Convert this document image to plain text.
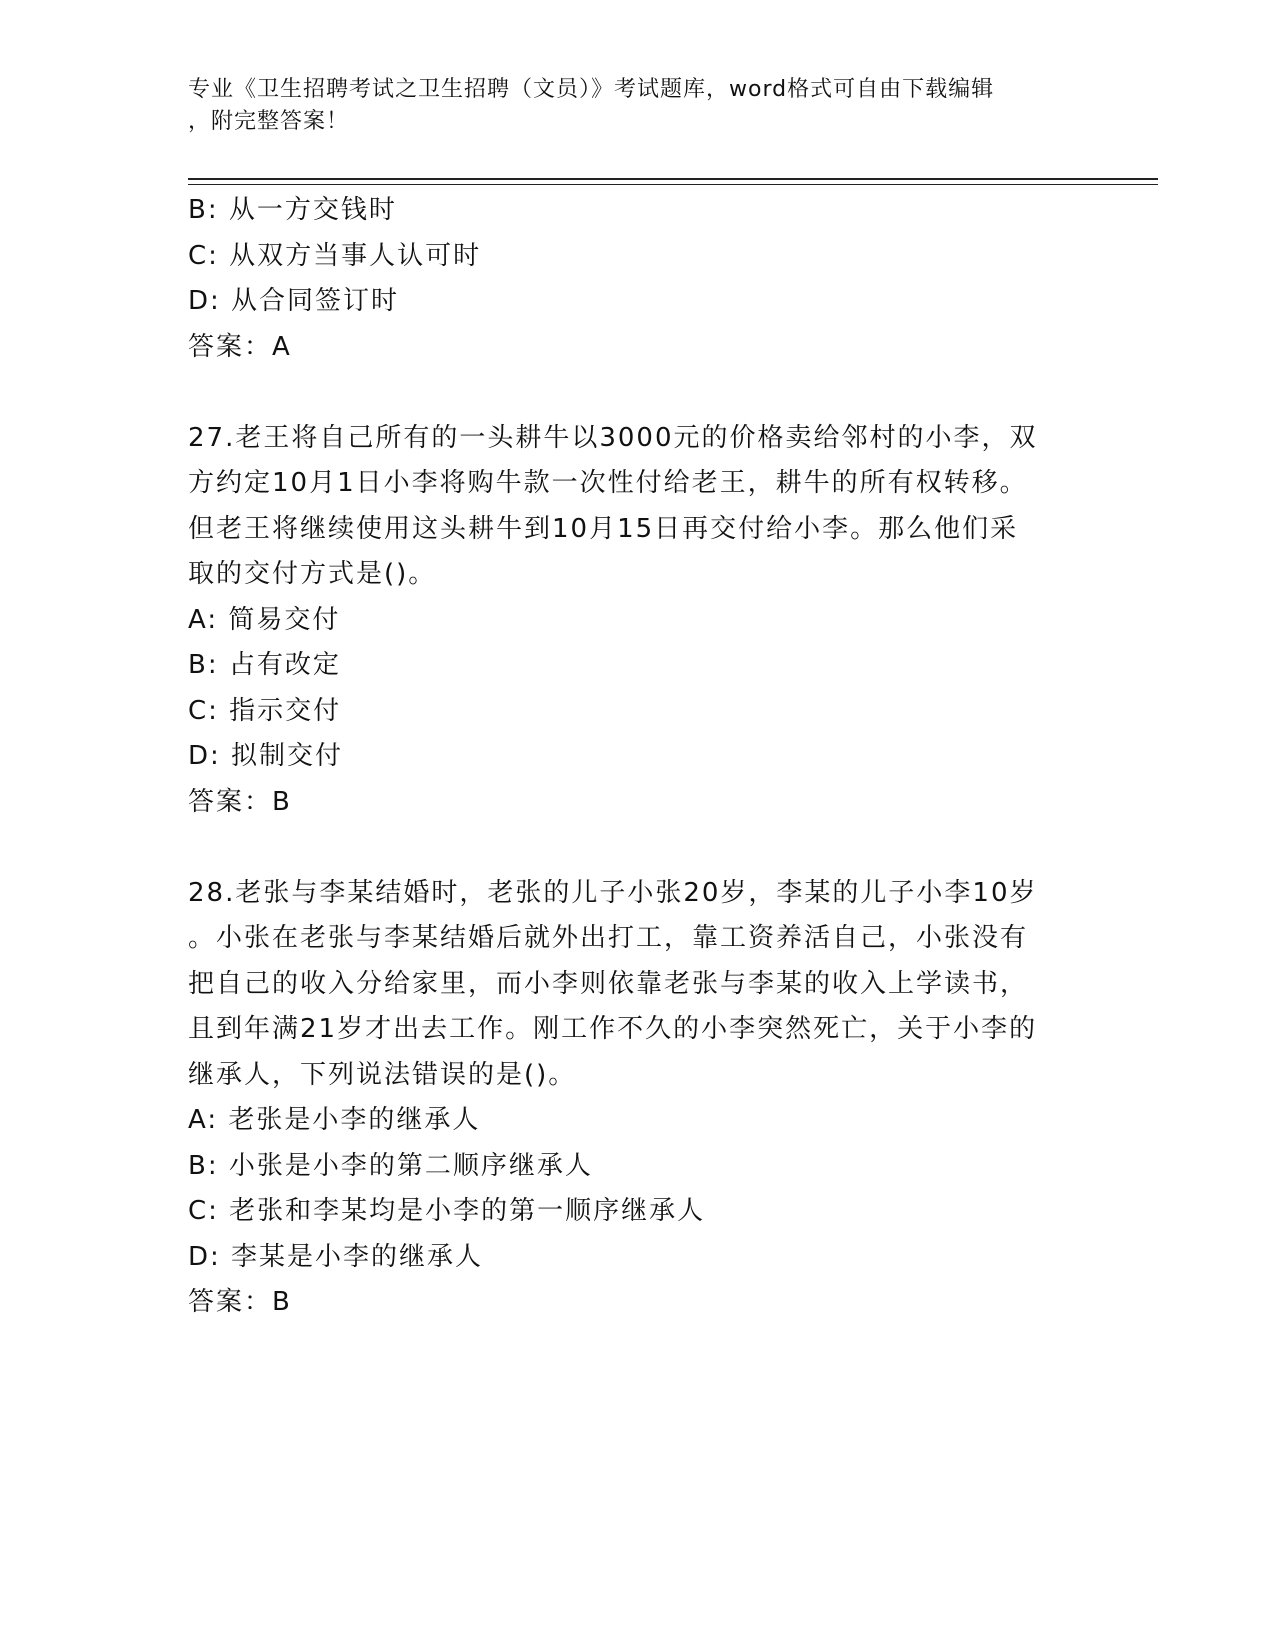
专业《卫生招聘考试之卫生招聘（文员）》考试题库，word格式可自由下载编辑
，附完整答案！
B: 从一方交钱时
C: 从双方当事人认可时
D: 从合同签订时
答案：A
27.老王将自己所有的一头耕牛以3000元的价格卖给邻村的小李，双
方约定10月1日小李将购牛款一次性付给老王，耕牛的所有权转移。
但老王将继续使用这头耕牛到10月15日再交付给小李。那么他们采
取的交付方式是()。
A: 简易交付
B: 占有改定
C: 指示交付
D: 拟制交付
答案：B
28.老张与李某结婚时，老张的儿子小张20岁，李某的儿子小李10岁
。小张在老张与李某结婚后就外出打工，靠工资养活自己，小张没有
把自己的收入分给家里，而小李则依靠老张与李某的收入上学读书，
且到年满21岁才出去工作。刚工作不久的小李突然死亡，关于小李的
继承人，下列说法错误的是()。
A: 老张是小李的继承人
B: 小张是小李的第二顺序继承人
C: 老张和李某均是小李的第一顺序继承人
D: 李某是小李的继承人
答案：B
